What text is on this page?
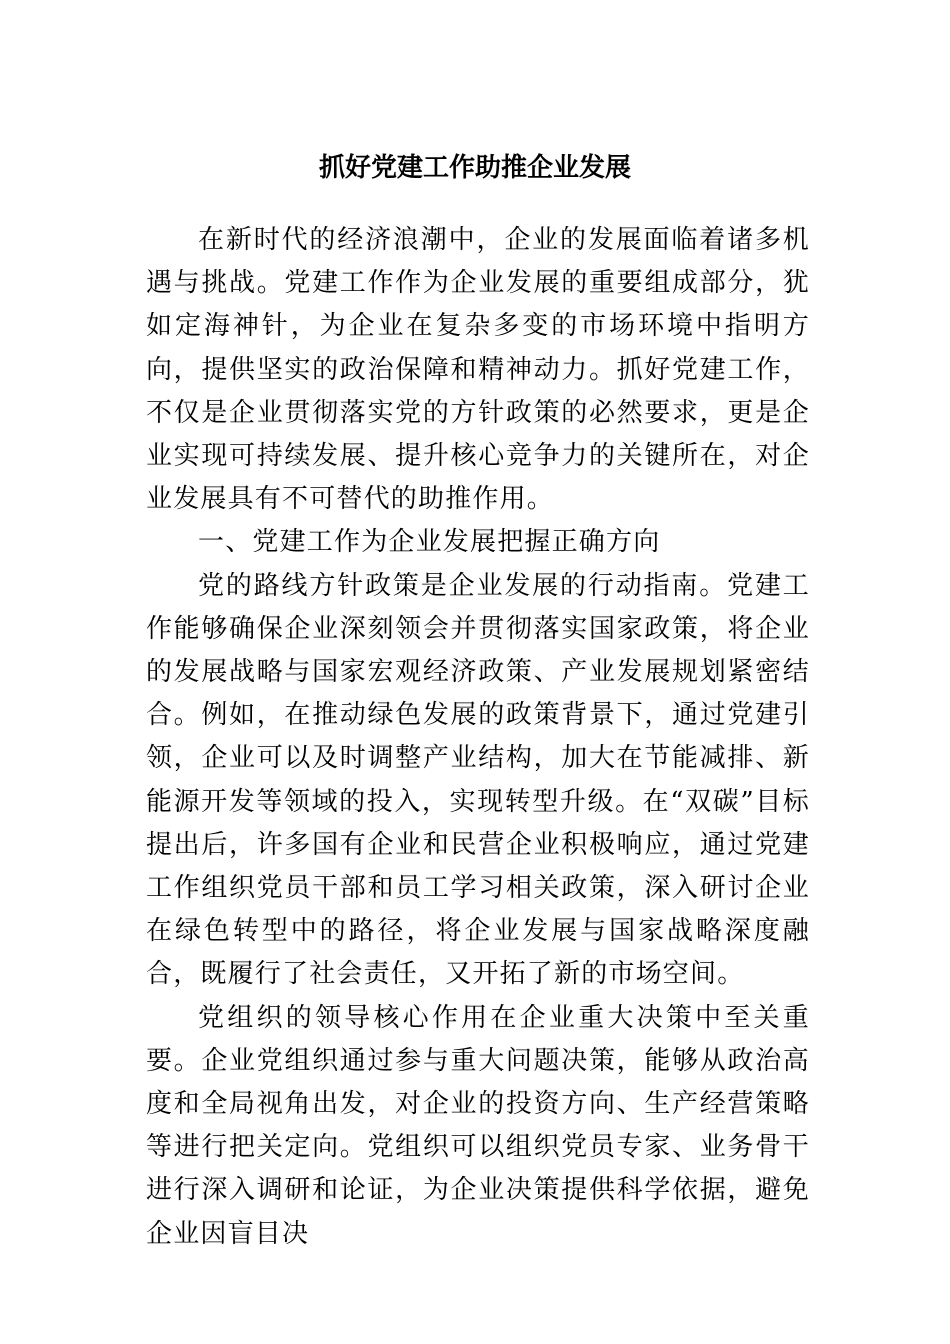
抓好党建工作助推企业发展

在新时代的经济浪潮中，企业的发展面临着诸多机遇与挑战。党建工作作为企业发展的重要组成部分，犹如定海神针，为企业在复杂多变的市场环境中指明方向，提供坚实的政治保障和精神动力。抓好党建工作，不仅是企业贯彻落实党的方针政策的必然要求，更是企业实现可持续发展、提升核心竞争力的关键所在，对企业发展具有不可替代的助推作用。

一、党建工作为企业发展把握正确方向

党的路线方针政策是企业发展的行动指南。党建工作能够确保企业深刻领会并贯彻落实国家政策，将企业的发展战略与国家宏观经济政策、产业发展规划紧密结合。例如，在推动绿色发展的政策背景下，通过党建引领，企业可以及时调整产业结构，加大在节能减排、新能源开发等领域的投入，实现转型升级。在“双碳”目标提出后，许多国有企业和民营企业积极响应，通过党建工作组织党员干部和员工学习相关政策，深入研讨企业在绿色转型中的路径，将企业发展与国家战略深度融合，既履行了社会责任，又开拓了新的市场空间。

党组织的领导核心作用在企业重大决策中至关重要。企业党组织通过参与重大问题决策，能够从政治高度和全局视角出发，对企业的投资方向、生产经营策略等进行把关定向。党组织可以组织党员专家、业务骨干进行深入调研和论证，为企业决策提供科学依据，避免企业因盲目决
